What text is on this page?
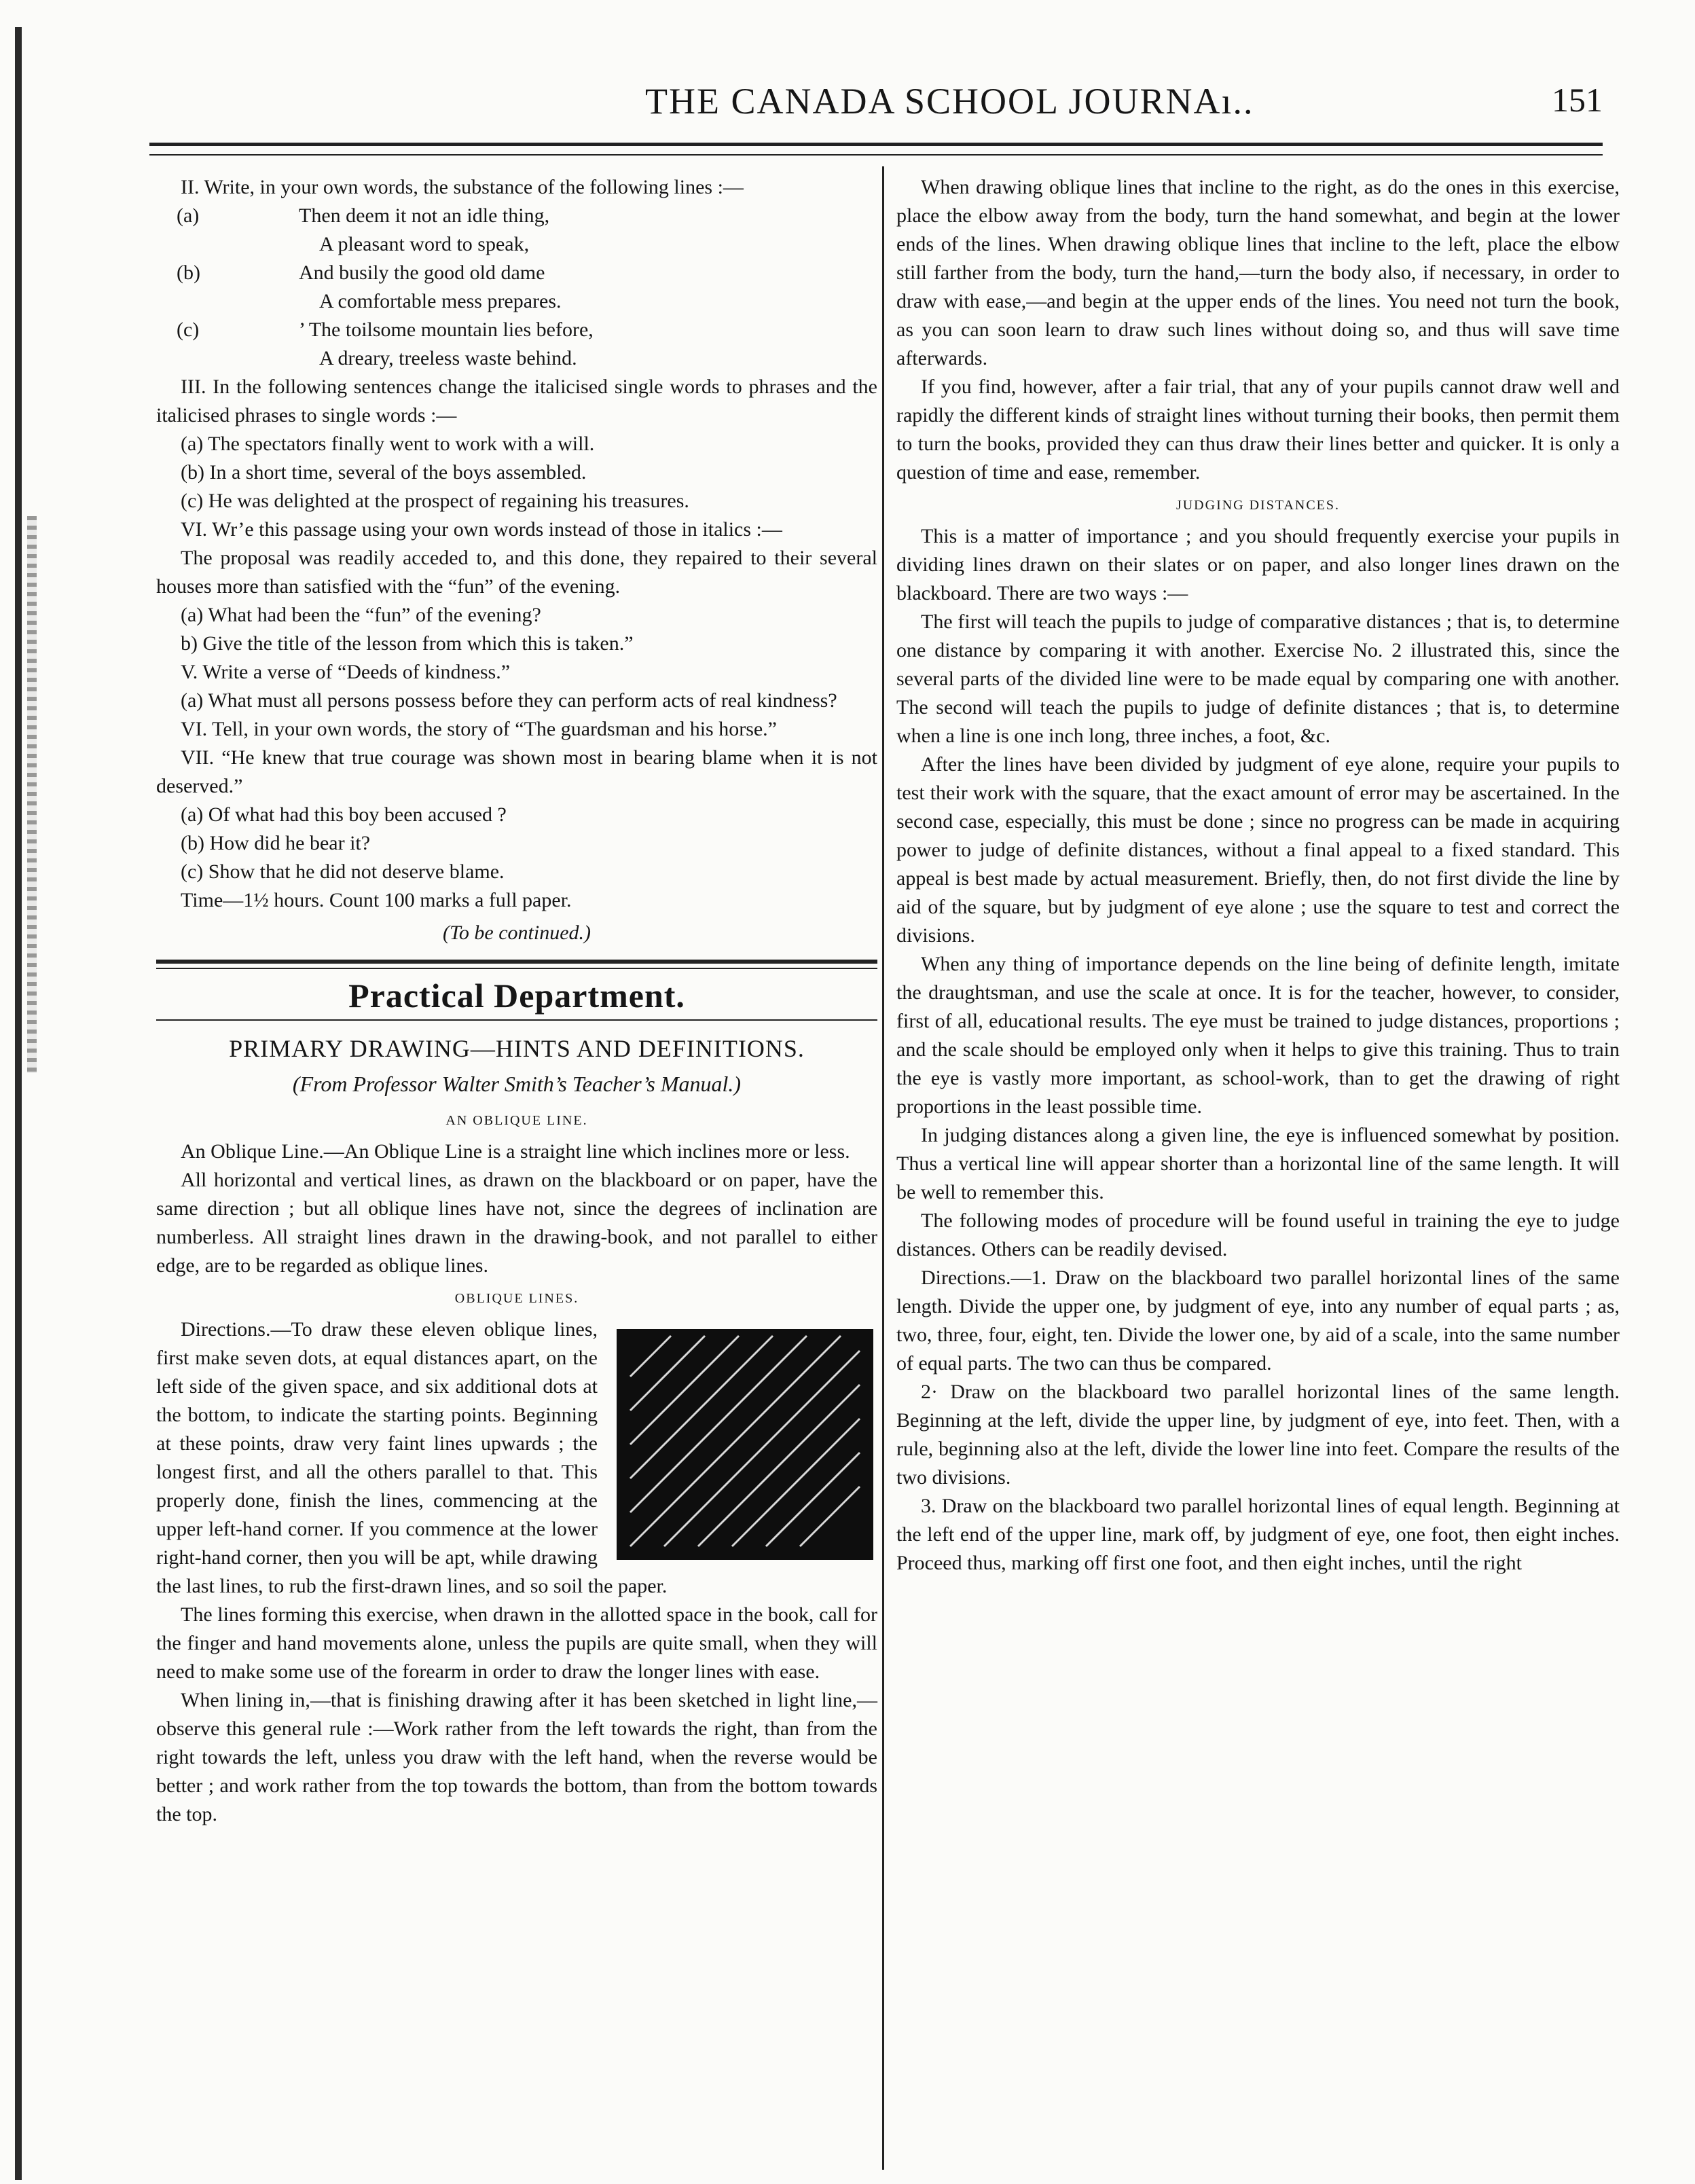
THE CANADA SCHOOL JOURNAı..	151

II. Write, in your own words, the substance of the following lines :—

(a)	Then deem it not an idle thing,
A pleasant word to speak,
(b)	And busily the good old dame
A comfortable mess prepares.
(c)	’ The toilsome mountain lies before,
A dreary, treeless waste behind.

III. In the following sentences change the italicised single words to phrases and the italicised phrases to single words :—

(a) The spectators finally went to work with a will.

(b) In a short time, several of the boys assembled.

(c) He was delighted at the prospect of regaining his treasures.

VI. Wr’e this passage using your own words instead of those in italics :—

The proposal was readily acceded to, and this done, they repaired to their several houses more than satisfied with the “fun” of the evening.

(a) What had been the “fun” of the evening?

b) Give the title of the lesson from which this is taken.”

V. Write a verse of “Deeds of kindness.”

(a) What must all persons possess before they can perform acts of real kindness?

VI. Tell, in your own words, the story of “The guardsman and his horse.”

VII. “He knew that true courage was shown most in bearing blame when it is not deserved.”

(a) Of what had this boy been accused ?

(b) How did he bear it?

(c) Show that he did not deserve blame.

Time—1½ hours. Count 100 marks a full paper.

(To be continued.)

Practical Department.

PRIMARY DRAWING—HINTS AND DEFINITIONS.

(From Professor Walter Smith’s Teacher’s Manual.)

AN OBLIQUE LINE.

An Oblique Line.—An Oblique Line is a straight line which inclines more or less.

All horizontal and vertical lines, as drawn on the blackboard or on paper, have the same direction ; but all oblique lines have not, since the degrees of inclination are numberless. All straight lines drawn in the drawing-book, and not parallel to either edge, are to be regarded as oblique lines.

OBLIQUE LINES.

Directions.—To draw these eleven oblique lines, first make seven dots, at equal distances apart, on the left side of the given space, and six additional dots at the bottom, to indicate the starting points. Beginning at these points, draw very faint lines upwards ; the longest first, and all the others parallel to that. This properly done, finish the lines, commencing at the upper left-hand corner. If you commence at the lower right-hand corner, then you will be apt, while drawing the last lines, to rub the first-drawn lines, and so soil the paper.

The lines forming this exercise, when drawn in the allotted space in the book, call for the finger and hand movements alone, unless the pupils are quite small, when they will need to make some use of the forearm in order to draw the longer lines with ease.

When lining in,—that is finishing drawing after it has been sketched in light line,—observe this general rule :—Work rather from the left towards the right, than from the right towards the left, unless you draw with the left hand, when the reverse would be better ; and work rather from the top towards the bottom, than from the bottom towards the top.

When drawing oblique lines that incline to the right, as do the ones in this exercise, place the elbow away from the body, turn the hand somewhat, and begin at the lower ends of the lines. When drawing oblique lines that incline to the left, place the elbow still farther from the body, turn the hand,—turn the body also, if necessary, in order to draw with ease,—and begin at the upper ends of the lines. You need not turn the book, as you can soon learn to draw such lines without doing so, and thus will save time afterwards.

If you find, however, after a fair trial, that any of your pupils cannot draw well and rapidly the different kinds of straight lines without turning their books, then permit them to turn the books, provided they can thus draw their lines better and quicker. It is only a question of time and ease, remember.

JUDGING DISTANCES.

This is a matter of importance ; and you should frequently exercise your pupils in dividing lines drawn on their slates or on paper, and also longer lines drawn on the blackboard. There are two ways :—

The first will teach the pupils to judge of comparative distances ; that is, to determine one distance by comparing it with another. Exercise No. 2 illustrated this, since the several parts of the divided line were to be made equal by comparing one with another. The second will teach the pupils to judge of definite distances ; that is, to determine when a line is one inch long, three inches, a foot, &c.

After the lines have been divided by judgment of eye alone, require your pupils to test their work with the square, that the exact amount of error may be ascertained. In the second case, especially, this must be done ; since no progress can be made in acquiring power to judge of definite distances, without a final appeal to a fixed standard. This appeal is best made by actual measurement. Briefly, then, do not first divide the line by aid of the square, but by judgment of eye alone ; use the square to test and correct the divisions.

When any thing of importance depends on the line being of definite length, imitate the draughtsman, and use the scale at once. It is for the teacher, however, to consider, first of all, educational results. The eye must be trained to judge distances, proportions ; and the scale should be employed only when it helps to give this training. Thus to train the eye is vastly more important, as school-work, than to get the drawing of right proportions in the least possible time.

In judging distances along a given line, the eye is influenced somewhat by position. Thus a vertical line will appear shorter than a horizontal line of the same length. It will be well to remember this.

The following modes of procedure will be found useful in training the eye to judge distances. Others can be readily devised.

Directions.—1. Draw on the blackboard two parallel horizontal lines of the same length. Divide the upper one, by judgment of eye, into any number of equal parts ; as, two, three, four, eight, ten. Divide the lower one, by aid of a scale, into the same number of equal parts. The two can thus be compared.

2· Draw on the blackboard two parallel horizontal lines of the same length. Beginning at the left, divide the upper line, by judgment of eye, into feet. Then, with a rule, beginning also at the left, divide the lower line into feet. Compare the results of the two divisions.

3. Draw on the blackboard two parallel horizontal lines of equal length. Beginning at the left end of the upper line, mark off, by judgment of eye, one foot, then eight inches. Proceed thus, marking off first one foot, and then eight inches, until the right
